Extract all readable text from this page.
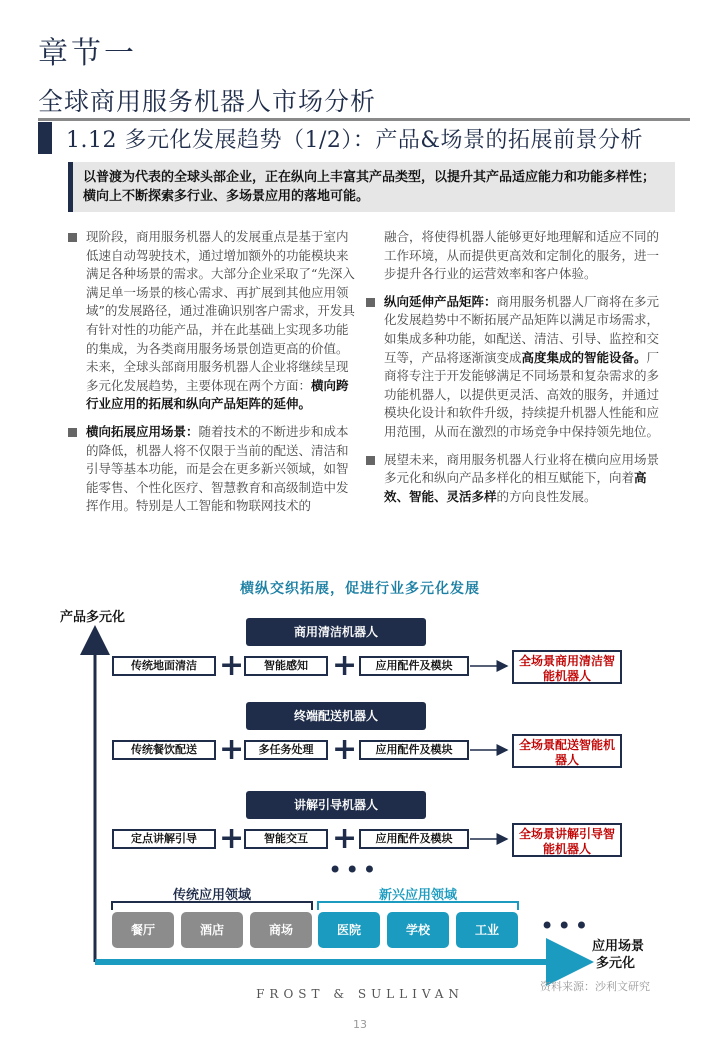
章节一
全球商用服务机器人市场分析
1.12 多元化发展趋势（1/2）：产品&场景的拓展前景分析
以普渡为代表的全球头部企业，正在纵向上丰富其产品类型，以提升其产品适应能力和功能多样性；横向上不断探索多行业、多场景应用的落地可能。

现阶段，商用服务机器人的发展重点是基于室内低速自动驾驶技术，通过增加额外的功能模块来满足各种场景的需求。大部分企业采取了“先深入满足单一场景的核心需求、再扩展到其他应用领域”的发展路径，通过准确识别客户需求，开发具有针对性的功能产品，并在此基础上实现多功能的集成，为各类商用服务场景创造更高的价值。未来，全球头部商用服务机器人企业将继续呈现多元化发展趋势，主要体现在两个方面：横向跨行业应用的拓展和纵向产品矩阵的延伸。

横向拓展应用场景：随着技术的不断进步和成本的降低，机器人将不仅限于当前的配送、清洁和引导等基本功能，而是会在更多新兴领域，如智能零售、个性化医疗、智慧教育和高级制造中发挥作用。特别是人工智能和物联网技术的

融合，将使得机器人能够更好地理解和适应不同的工作环境，从而提供更高效和定制化的服务，进一步提升各行业的运营效率和客户体验。

纵向延伸产品矩阵：商用服务机器人厂商将在多元化发展趋势中不断拓展产品矩阵以满足市场需求，如集成多种功能，如配送、清洁、引导、监控和交互等，产品将逐渐演变成高度集成的智能设备。厂商将专注于开发能够满足不同场景和复杂需求的多功能机器人，以提供更灵活、高效的服务，并通过模块化设计和软件升级，持续提升机器人性能和应用范围，从而在激烈的市场竞争中保持领先地位。

展望未来，商用服务机器人行业将在横向应用场景多元化和纵向产品多样化的相互赋能下，向着高效、智能、灵活多样的方向良性发展。

横纵交织拓展，促进行业多元化发展
产品多元化
商用清洁机器人
传统地面清洁 +	智能感知 +	应用配件及模块	全场景商用清洁智能机器人
终端配送机器人
传统餐饮配送 +	多任务处理 +	应用配件及模块	全场景配送智能机器人
讲解引导机器人
定点讲解引导 +	智能交互 +	应用配件及模块	全场景讲解引导智能机器人
•••
•••
传统应用领域	新兴应用领域
餐厅	酒店	商场	医院	学校	工业
应用场景
多元化
资料来源：沙利文研究
FROST & SULLIVAN
13
